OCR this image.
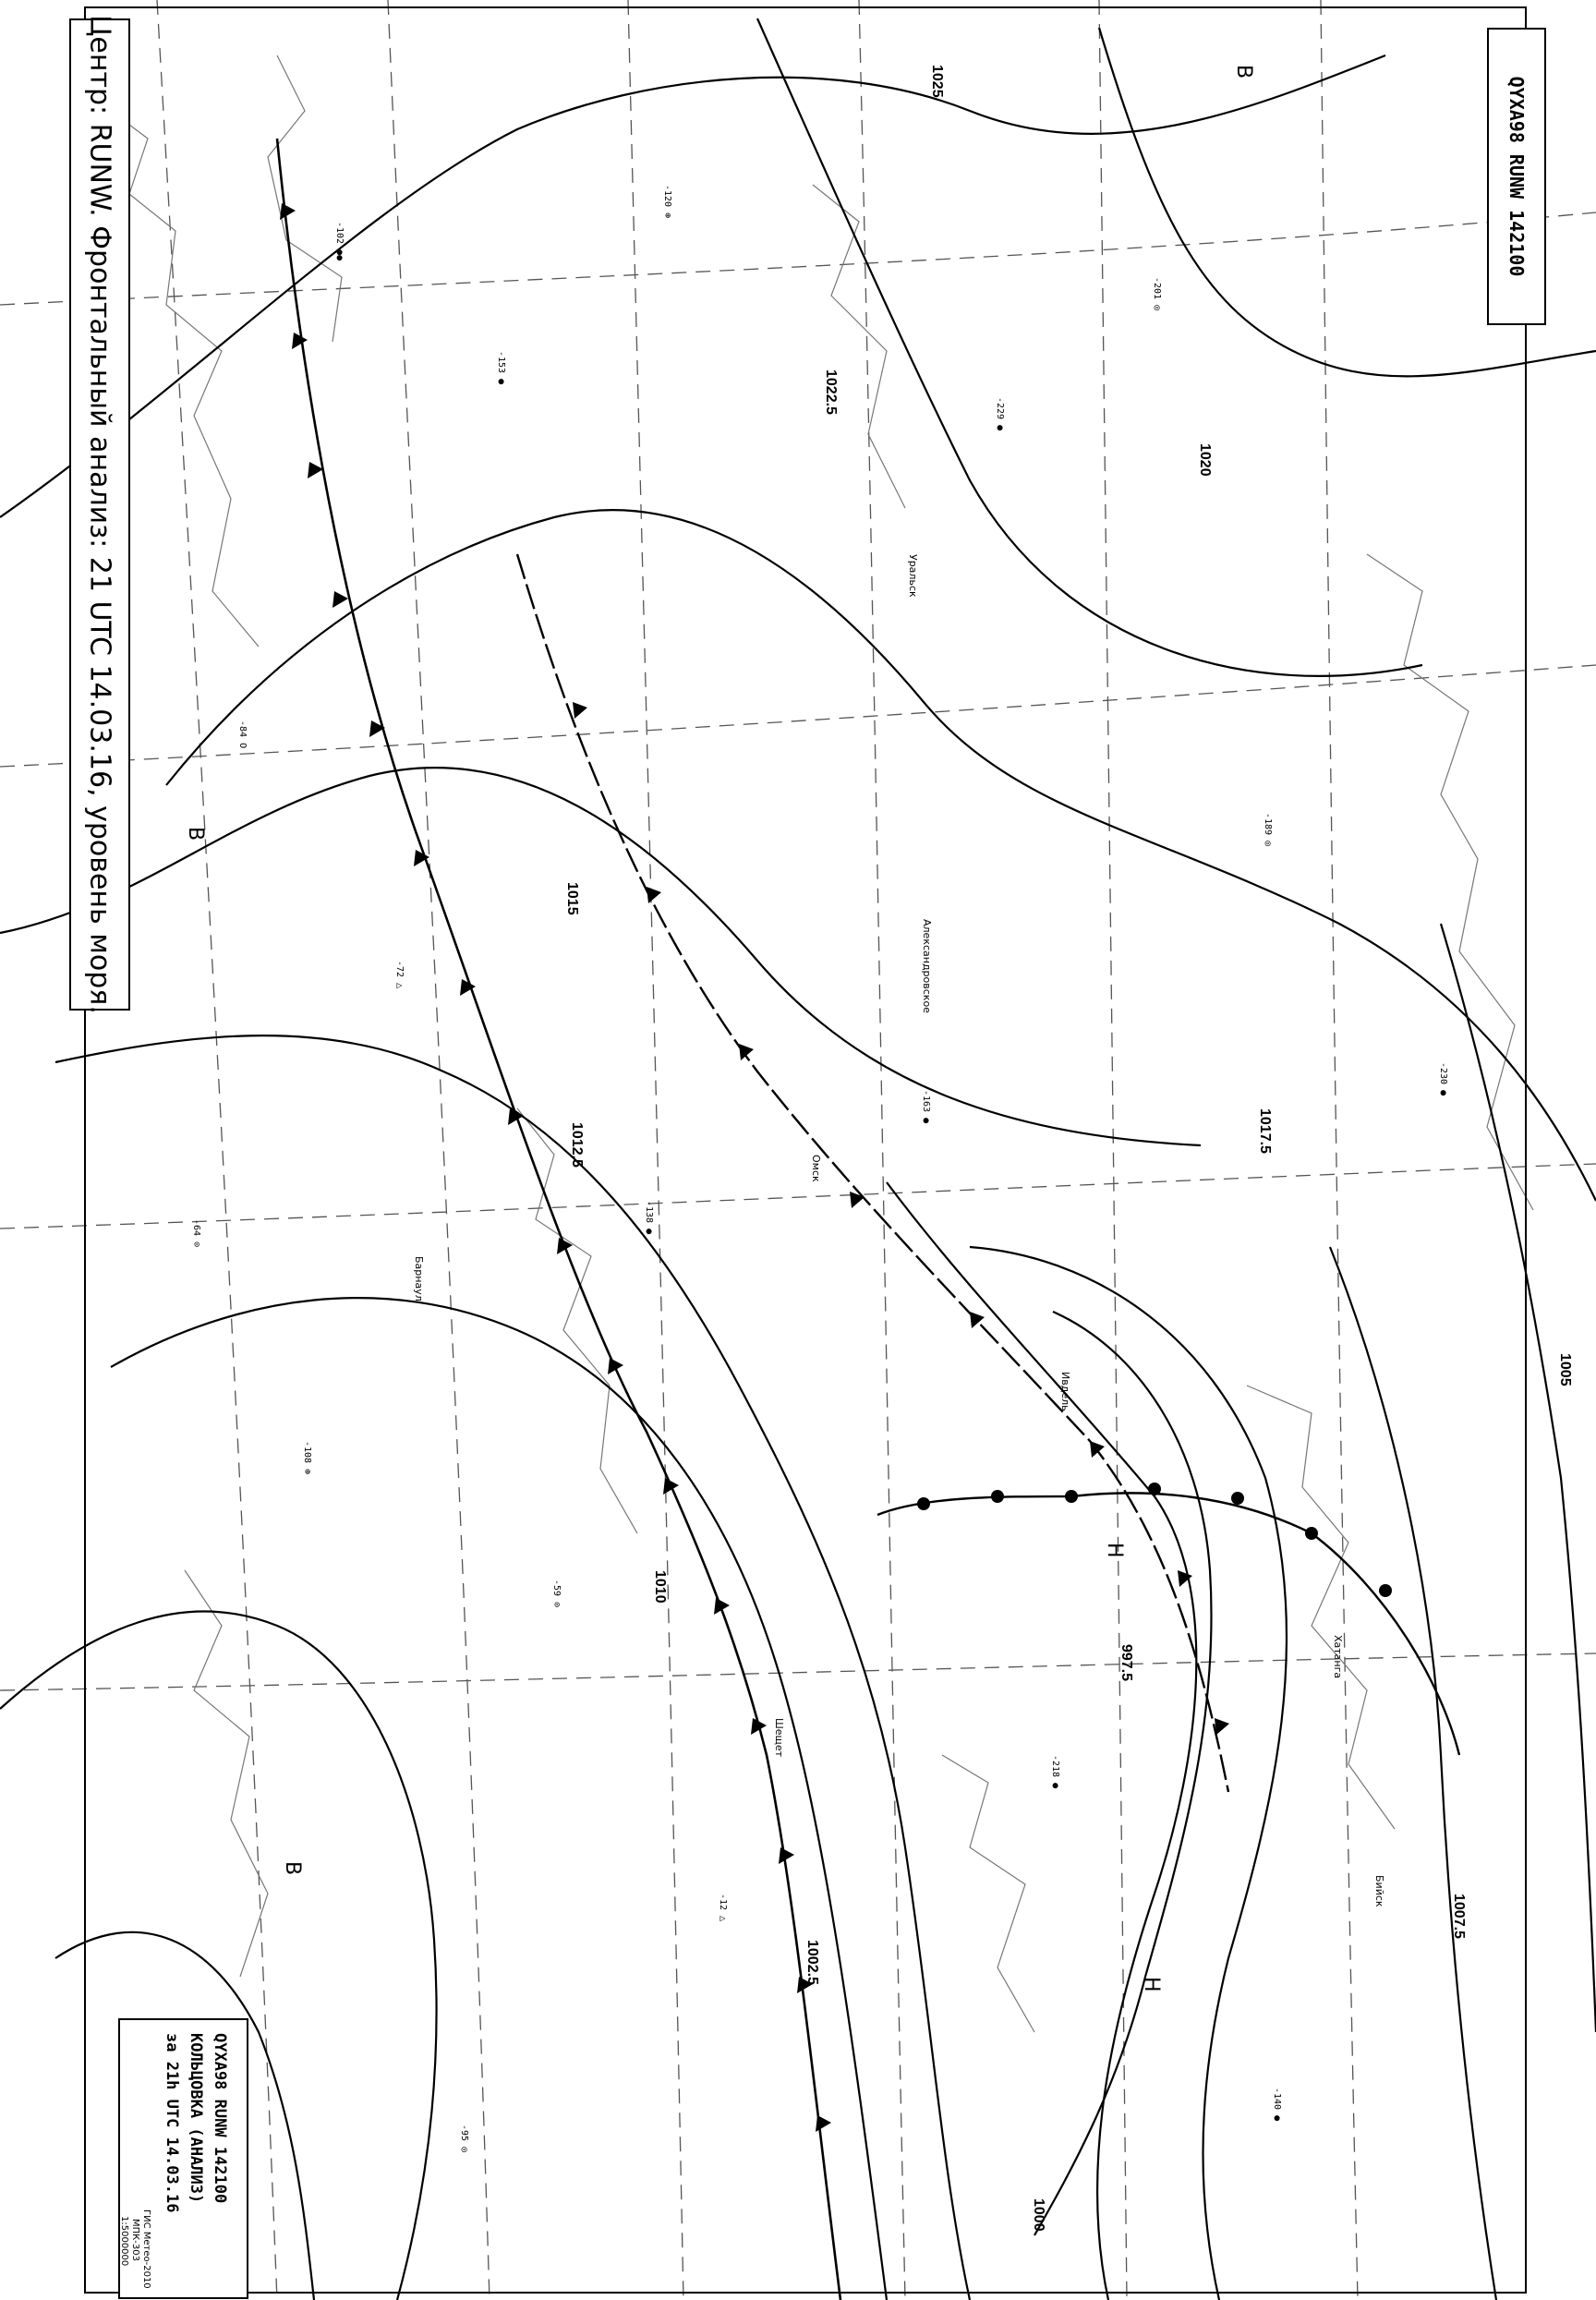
1025
1022.5
1020
1017.5
1015
1012.5
1010
1007.5
1005
1002.5
1000
997.5
В
В
В
Н
Н
Уральск
Александровское
Ивдель
Хатанга
Барнаул
Бийск
Омск
Шещет
-102 ●●
-153 ●
-120 ⊕
-84 O
-229 ●
-201 ◎
-72 △
-138 ●
-189 ◎
-163 ●
-108 ⊕
-59 ⊙
-218 ●
-12 △
-140 ●
-95 ◎
-230 ●
-64 ⊙
Центр: RUNW. Фронтальный анализ: 21 UTC 14.03.16, уровень моря.	QYXA98 RUNW 142100
QYXA98 RUNW 142100
КОЛЬЦОВКА (АНАЛИЗ)
за 21h UTC 14.03.16
ГИС Метео-2010
МПК-303
1:5000000
